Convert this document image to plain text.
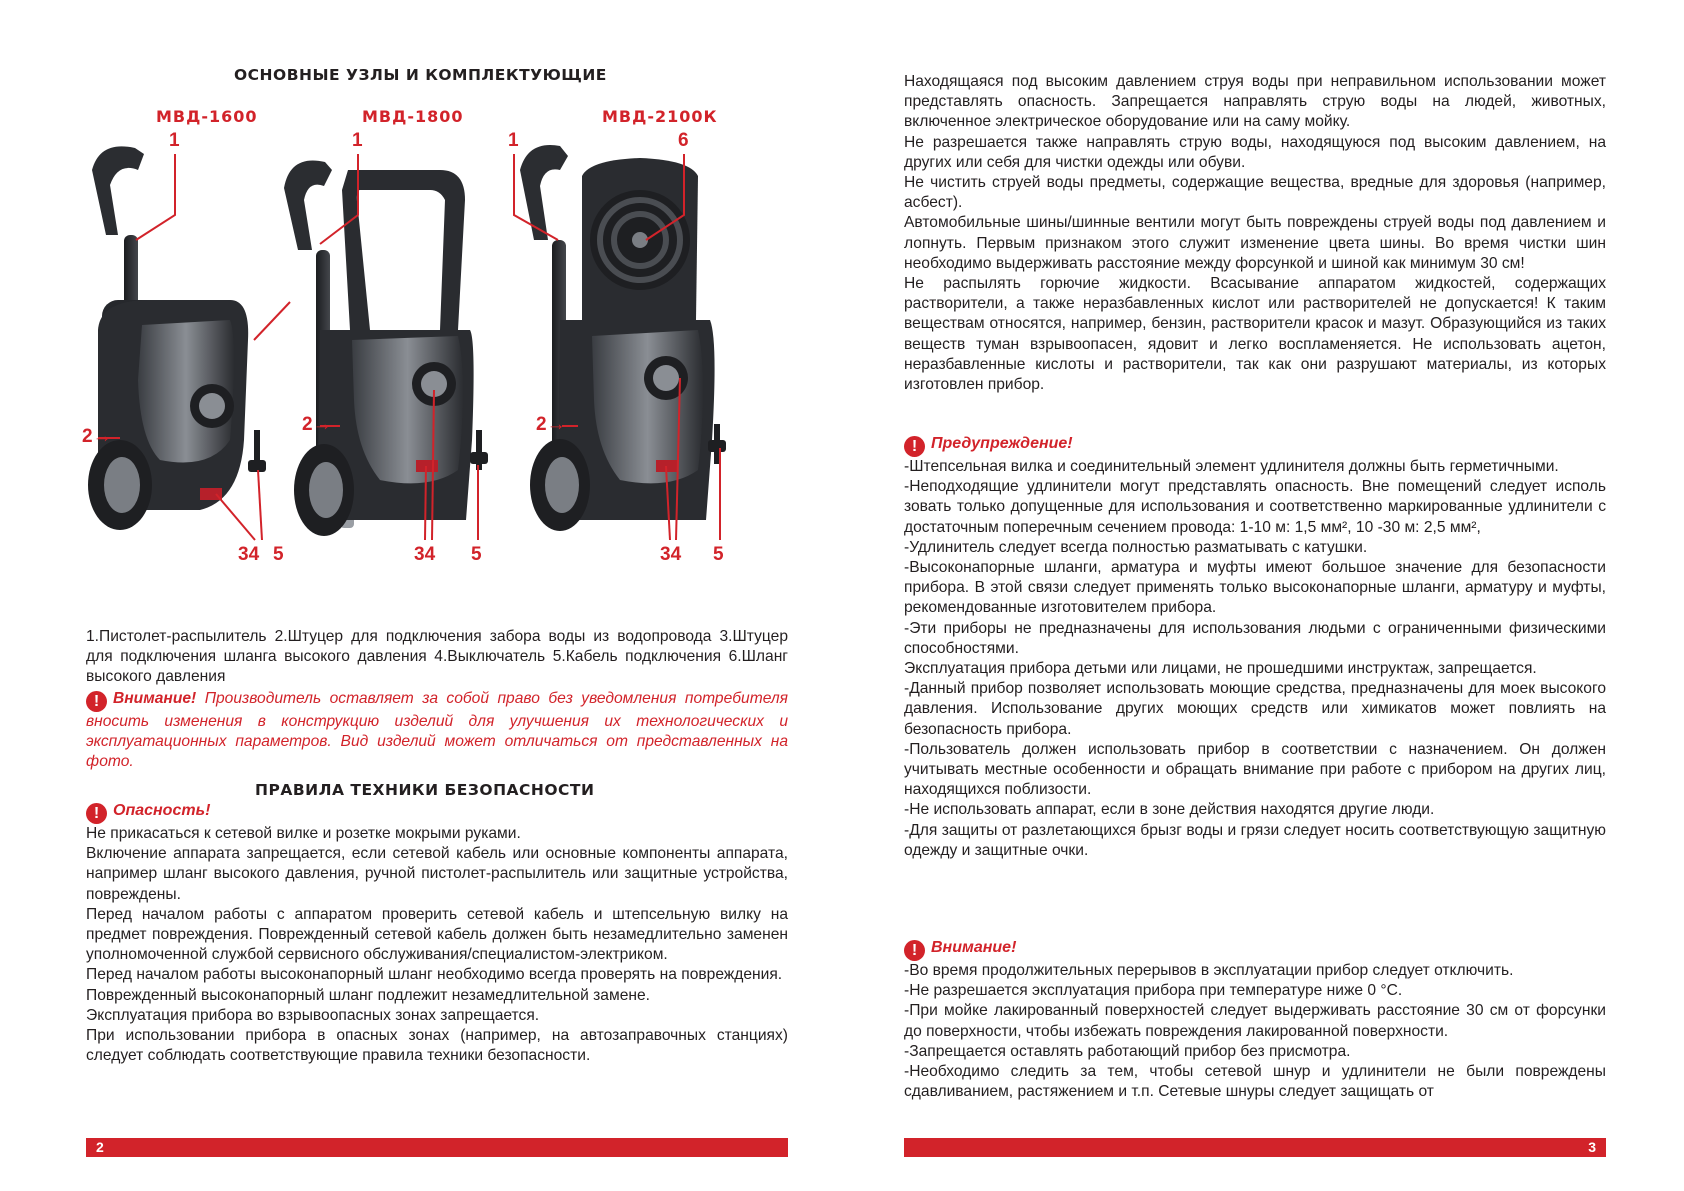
ОСНОВНЫЕ УЗЛЫ И КОМПЛЕКТУЮЩИЕ
МВД-1600	МВД-1800	МВД-2100К
1
2→
34 5
1
2→
34 5
1	6
2→
34 5

1.Пистолет-распылитель 2.Штуцер для подключения забора воды из водопровода 3.Штуцер для подключения шланга высокого давления 4.Выключатель 5.Кабель подключения 6.Шланг высокого давления

! Внимание! Производитель оставляет за собой право без уведомления потребителя вносить изменения в конструкцию изделий для улучшения их технологических и эксплуатационных параметров. Вид изделий может отличаться от представленных на фото.

ПРАВИЛА ТЕХНИКИ БЕЗОПАСНОСТИ

! Опасность!

Не прикасаться к сетевой вилке и розетке мокрыми руками.

Включение аппарата запрещается, если сетевой кабель или основные компоненты аппарата, например шланг высокого давления, ручной пистолет-распылитель или защитные устройства, повреждены.

Перед началом работы с аппаратом проверить сетевой кабель и штепсельную вилку на предмет повреждения. Поврежденный сетевой кабель должен быть незамедлительно заменен уполномоченной службой сервисного обслуживания/специалистом-электриком.

Перед началом работы высоконапорный шланг необходимо всегда проверять на повреждения.

Поврежденный высоконапорный шланг подлежит незамедлительной замене.

Эксплуатация прибора во взрывоопасных зонах запрещается.

При использовании прибора в опасных зонах (например, на автозаправочных станциях) следует соблюдать соответствующие правила техники безопасности.

2

Находящаяся под высоким давлением струя воды при неправильном использовании может представлять опасность. Запрещается направлять струю воды на людей, животных, включенное электрическое оборудование или на саму мойку.

Не разрешается также направлять струю воды, находящуюся под высоким давлением, на других или себя для чистки одежды или обуви.

Не чистить струей воды предметы, содержащие вещества, вредные для здоровья (например, асбест).

Автомобильные шины/шинные вентили могут быть повреждены струей воды под давлением и лопнуть. Первым признаком этого служит изменение цвета шины. Во время чистки шин необходимо выдерживать расстояние между форсункой и шиной как минимум 30 см!

Не распылять горючие жидкости. Всасывание аппаратом жидкостей, содержащих растворители, а также неразбавленных кислот или растворителей не допускается! К таким веществам относятся, например, бензин, растворители красок и мазут. Образующийся из таких веществ туман взрывоопасен, ядовит и легко воспламеняется. Не использовать ацетон, неразбавленные кислоты и растворители, так как они разрушают материалы, из которых изготовлен прибор.

! Предупреждение!

-Штепсельная вилка и соединительный элемент удлинителя должны быть герметичными.

-Неподходящие удлинители могут представлять опасность. Вне помещений следует исполь зовать только допущенные для использования и соответственно маркированные удлинители с достаточным поперечным сечением провода: 1-10 м: 1,5 мм², 10 -30 м: 2,5 мм²,

-Удлинитель следует всегда полностью разматывать с катушки.

-Высоконапорные шланги, арматура и муфты имеют большое значение для безопасности прибора. В этой связи следует применять только высоконапорные шланги, арматуру и муфты, рекомендованные изготовителем прибора.

-Эти приборы не предназначены для использования людьми с ограниченными физическими способностями.

Эксплуатация прибора детьми или лицами, не прошедшими инструктаж, запрещается.

-Данный прибор позволяет использовать моющие средства, предназначены для моек высокого давления. Использование других моющих средств или химикатов может повлиять на безопасность прибора.

-Пользователь должен использовать прибор в соответствии с назначением. Он должен учитывать местные особенности и обращать внимание при работе с прибором на других лиц, находящихся поблизости.

-Не использовать аппарат, если в зоне действия находятся другие люди.

-Для защиты от разлетающихся брызг воды и грязи следует носить соответствующую защитную одежду и защитные очки.

! Внимание!

-Во время продолжительных перерывов в эксплуатации прибор следует отключить.

-Не разрешается эксплуатация прибора при температуре ниже 0 °C.

-При мойке лакированный поверхностей следует выдерживать расстояние 30 см от форсунки до поверхности, чтобы избежать повреждения лакированной поверхности.

-Запрещается оставлять работающий прибор без присмотра.

-Необходимо следить за тем, чтобы сетевой шнур и удлинители не были повреждены сдавливанием, растяжением и т.п. Сетевые шнуры следует защищать от

3
